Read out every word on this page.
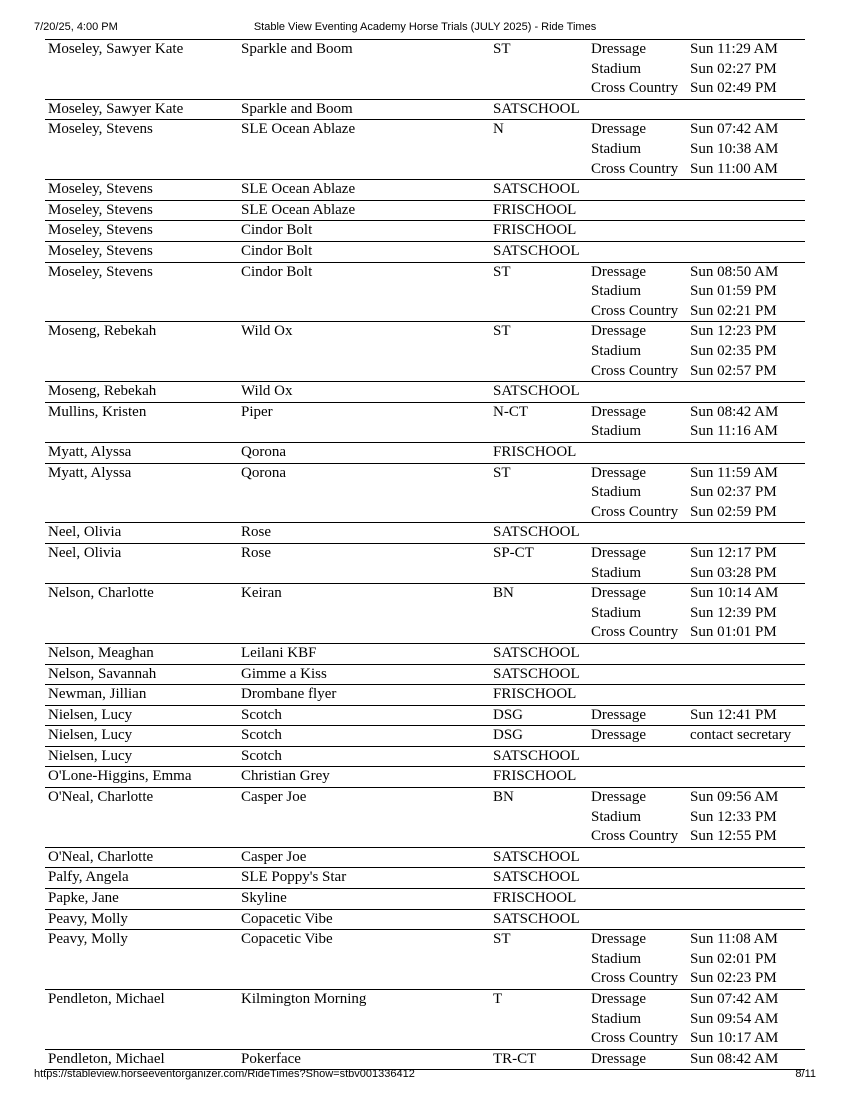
7/20/25, 4:00 PM	Stable View Eventing Academy Horse Trials (JULY 2025) - Ride Times
Moseley, Sawyer Kate	Sparkle and Boom	ST	Dressage	Sun 11:29 AM
Stadium	Sun 02:27 PM
Cross Country Sun 02:49 PM
Moseley, Sawyer Kate	Sparkle and Boom	SATSCHOOL
Moseley, Stevens	SLE Ocean Ablaze	N	Dressage	Sun 07:42 AM
Stadium	Sun 10:38 AM
Cross Country Sun 11:00 AM
Moseley, Stevens	SLE Ocean Ablaze	SATSCHOOL
Moseley, Stevens	SLE Ocean Ablaze	FRISCHOOL
Moseley, Stevens	Cindor Bolt	FRISCHOOL
Moseley, Stevens	Cindor Bolt	SATSCHOOL
Moseley, Stevens	Cindor Bolt	ST	Dressage	Sun 08:50 AM
Stadium	Sun 01:59 PM
Cross Country Sun 02:21 PM
Moseng, Rebekah	Wild Ox	ST	Dressage	Sun 12:23 PM
Stadium	Sun 02:35 PM
Cross Country Sun 02:57 PM
Moseng, Rebekah	Wild Ox	SATSCHOOL
Mullins, Kristen	Piper	N-CT	Dressage	Sun 08:42 AM
Stadium	Sun 11:16 AM
Myatt, Alyssa	Qorona	FRISCHOOL
Myatt, Alyssa	Qorona	ST	Dressage	Sun 11:59 AM
Stadium	Sun 02:37 PM
Cross Country Sun 02:59 PM
Neel, Olivia	Rose	SATSCHOOL
Neel, Olivia	Rose	SP-CT	Dressage	Sun 12:17 PM
Stadium	Sun 03:28 PM
Nelson, Charlotte	Keiran	BN	Dressage	Sun 10:14 AM
Stadium	Sun 12:39 PM
Cross Country Sun 01:01 PM
Nelson, Meaghan	Leilani KBF	SATSCHOOL
Nelson, Savannah	Gimme a Kiss	SATSCHOOL
Newman, Jillian	Drombane flyer	FRISCHOOL
Nielsen, Lucy	Scotch	DSG	Dressage	Sun 12:41 PM
Nielsen, Lucy	Scotch	DSG	Dressage	contact secretary
Nielsen, Lucy	Scotch	SATSCHOOL
O'Lone-Higgins, Emma	Christian Grey	FRISCHOOL
O'Neal, Charlotte	Casper Joe	BN	Dressage	Sun 09:56 AM
Stadium	Sun 12:33 PM
Cross Country Sun 12:55 PM
O'Neal, Charlotte	Casper Joe	SATSCHOOL
Palfy, Angela	SLE Poppy's Star	SATSCHOOL
Papke, Jane	Skyline	FRISCHOOL
Peavy, Molly	Copacetic Vibe	SATSCHOOL
Peavy, Molly	Copacetic Vibe	ST	Dressage	Sun 11:08 AM
Stadium	Sun 02:01 PM
Cross Country Sun 02:23 PM
Pendleton, Michael	Kilmington Morning	T	Dressage	Sun 07:42 AM
Stadium	Sun 09:54 AM
Cross Country Sun 10:17 AM
Pendleton, Michael	Pokerface	TR-CT	Dressage	Sun 08:42 AM
https://stableview.horseeventorganizer.com/RideTimes?Show=stbv001336412	8/11
